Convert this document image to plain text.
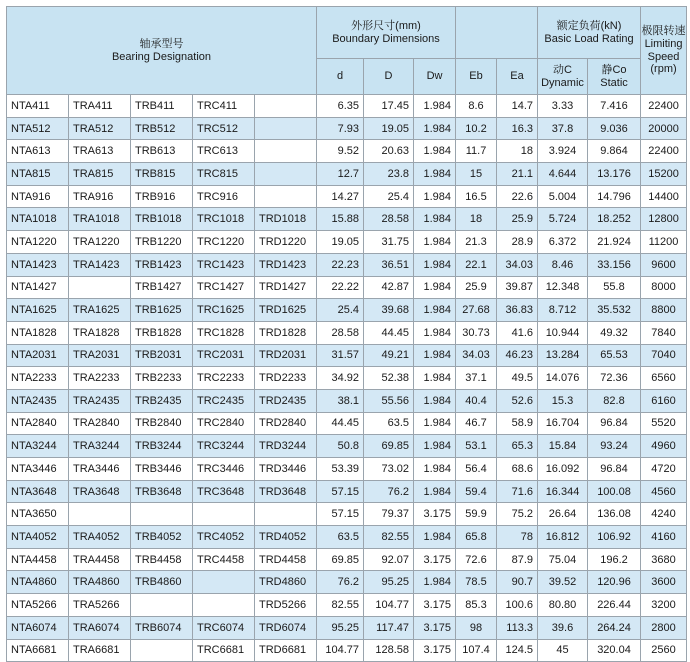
轴承型号
Bearing Designation					外形尺寸(mm)
Boundary Dimensions					额定负荷(kN)
Basic Load Rating		极限转速
Limiting
Speed
(rpm)

					d	D	Dw	Eb	Ea	动C
Dynamic	静Co
Static	

NTA411	TRA411	TRB411	TRC411		6.35	17.45	1.984	8.6	14.7	3.33	7.416	22400
NTA512	TRA512	TRB512	TRC512		7.93	19.05	1.984	10.2	16.3	37.8	9.036	20000
NTA613	TRA613	TRB613	TRC613		9.52	20.63	1.984	11.7	18	3.924	9.864	22400
NTA815	TRA815	TRB815	TRC815		12.7	23.8	1.984	15	21.1	4.644	13.176	15200
NTA916	TRA916	TRB916	TRC916		14.27	25.4	1.984	16.5	22.6	5.004	14.796	14400
NTA1018	TRA1018	TRB1018	TRC1018	TRD1018	15.88	28.58	1.984	18	25.9	5.724	18.252	12800
NTA1220	TRA1220	TRB1220	TRC1220	TRD1220	19.05	31.75	1.984	21.3	28.9	6.372	21.924	11200
NTA1423	TRA1423	TRB1423	TRC1423	TRD1423	22.23	36.51	1.984	22.1	34.03	8.46	33.156	9600
NTA1427		TRB1427	TRC1427	TRD1427	22.22	42.87	1.984	25.9	39.87	12.348	55.8	8000
NTA1625	TRA1625	TRB1625	TRC1625	TRD1625	25.4	39.68	1.984	27.68	36.83	8.712	35.532	8800
NTA1828	TRA1828	TRB1828	TRC1828	TRD1828	28.58	44.45	1.984	30.73	41.6	10.944	49.32	7840
NTA2031	TRA2031	TRB2031	TRC2031	TRD2031	31.57	49.21	1.984	34.03	46.23	13.284	65.53	7040
NTA2233	TRA2233	TRB2233	TRC2233	TRD2233	34.92	52.38	1.984	37.1	49.5	14.076	72.36	6560
NTA2435	TRA2435	TRB2435	TRC2435	TRD2435	38.1	55.56	1.984	40.4	52.6	15.3	82.8	6160
NTA2840	TRA2840	TRB2840	TRC2840	TRD2840	44.45	63.5	1.984	46.7	58.9	16.704	96.84	5520
NTA3244	TRA3244	TRB3244	TRC3244	TRD3244	50.8	69.85	1.984	53.1	65.3	15.84	93.24	4960
NTA3446	TRA3446	TRB3446	TRC3446	TRD3446	53.39	73.02	1.984	56.4	68.6	16.092	96.84	4720
NTA3648	TRA3648	TRB3648	TRC3648	TRD3648	57.15	76.2	1.984	59.4	71.6	16.344	100.08	4560
NTA3650					57.15	79.37	3.175	59.9	75.2	26.64	136.08	4240
NTA4052	TRA4052	TRB4052	TRC4052	TRD4052	63.5	82.55	1.984	65.8	78	16.812	106.92	4160
NTA4458	TRA4458	TRB4458	TRC4458	TRD4458	69.85	92.07	3.175	72.6	87.9	75.04	196.2	3680
NTA4860	TRA4860	TRB4860		TRD4860	76.2	95.25	1.984	78.5	90.7	39.52	120.96	3600
NTA5266	TRA5266			TRD5266	82.55	104.77	3.175	85.3	100.6	80.80	226.44	3200
NTA6074	TRA6074	TRB6074	TRC6074	TRD6074	95.25	117.47	3.175	98	113.3	39.6	264.24	2800
NTA6681	TRA6681		TRC6681	TRD6681	104.77	128.58	3.175	107.4	124.5	45	320.04	2560
